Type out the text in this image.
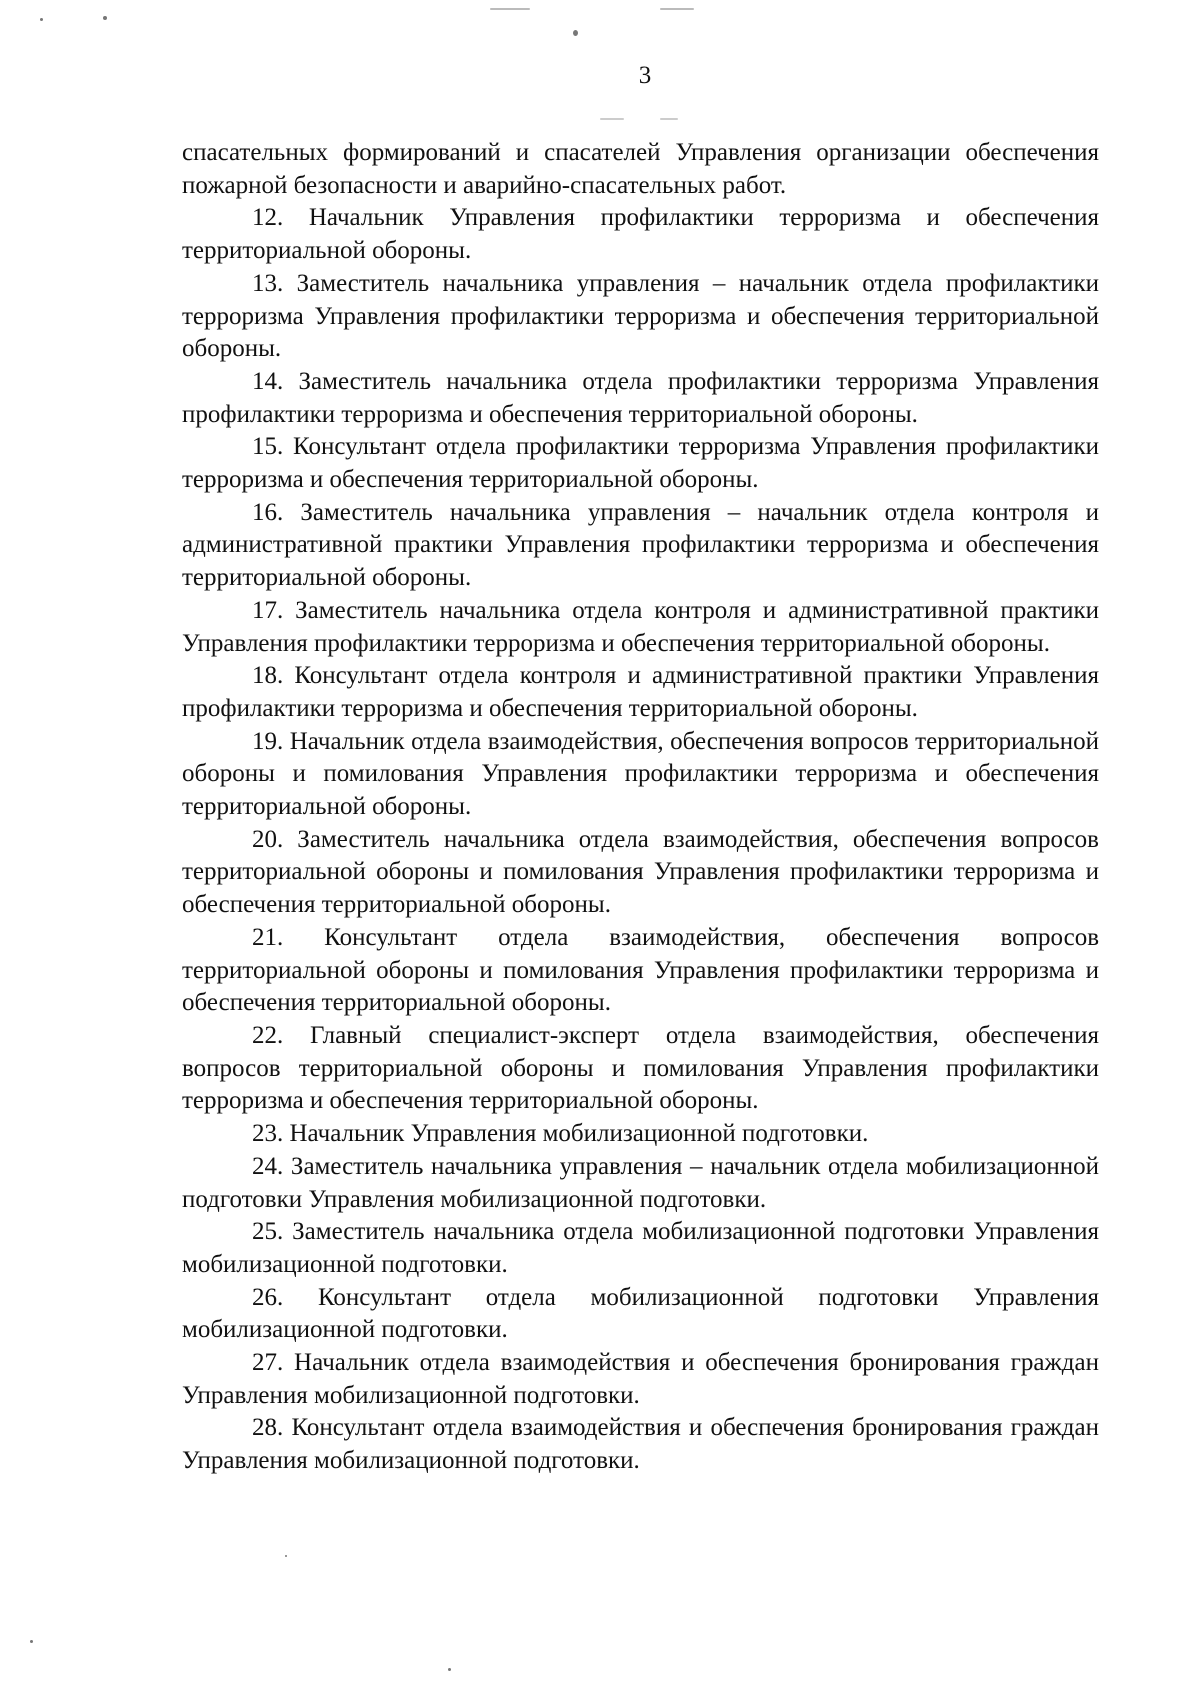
3

спасательных формирований и спасателей Управления организации обеспечения пожарной безопасности и аварийно-спасательных работ.

12. Начальник Управления профилактики терроризма и обеспечения территориальной обороны.

13. Заместитель начальника управления – начальник отдела профилактики терроризма Управления профилактики терроризма и обеспечения территориальной обороны.

14. Заместитель начальника отдела профилактики терроризма Управления профилактики терроризма и обеспечения территориальной обороны.

15. Консультант отдела профилактики терроризма Управления профилактики терроризма и обеспечения территориальной обороны.

16. Заместитель начальника управления – начальник отдела контроля и административной практики Управления профилактики терроризма и обеспечения территориальной обороны.

17. Заместитель начальника отдела контроля и административной практики Управления профилактики терроризма и обеспечения территориальной обороны.

18. Консультант отдела контроля и административной практики Управления профилактики терроризма и обеспечения территориальной обороны.

19. Начальник отдела взаимодействия, обеспечения вопросов территориальной обороны и помилования Управления профилактики терроризма и обеспечения территориальной обороны.

20. Заместитель начальника отдела взаимодействия, обеспечения вопросов территориальной обороны и помилования Управления профилактики терроризма и обеспечения территориальной обороны.

21. Консультант отдела взаимодействия, обеспечения вопросов территориальной обороны и помилования Управления профилактики терроризма и обеспечения территориальной обороны.

22. Главный специалист-эксперт отдела взаимодействия, обеспечения вопросов территориальной обороны и помилования Управления профилактики терроризма и обеспечения территориальной обороны.

23. Начальник Управления мобилизационной подготовки.

24. Заместитель начальника управления – начальник отдела мобилизационной подготовки Управления мобилизационной подготовки.

25. Заместитель начальника отдела мобилизационной подготовки Управления мобилизационной подготовки.

26. Консультант отдела мобилизационной подготовки Управления мобилизационной подготовки.

27. Начальник отдела взаимодействия и обеспечения бронирования граждан Управления мобилизационной подготовки.

28. Консультант отдела взаимодействия и обеспечения бронирования граждан Управления мобилизационной подготовки.
